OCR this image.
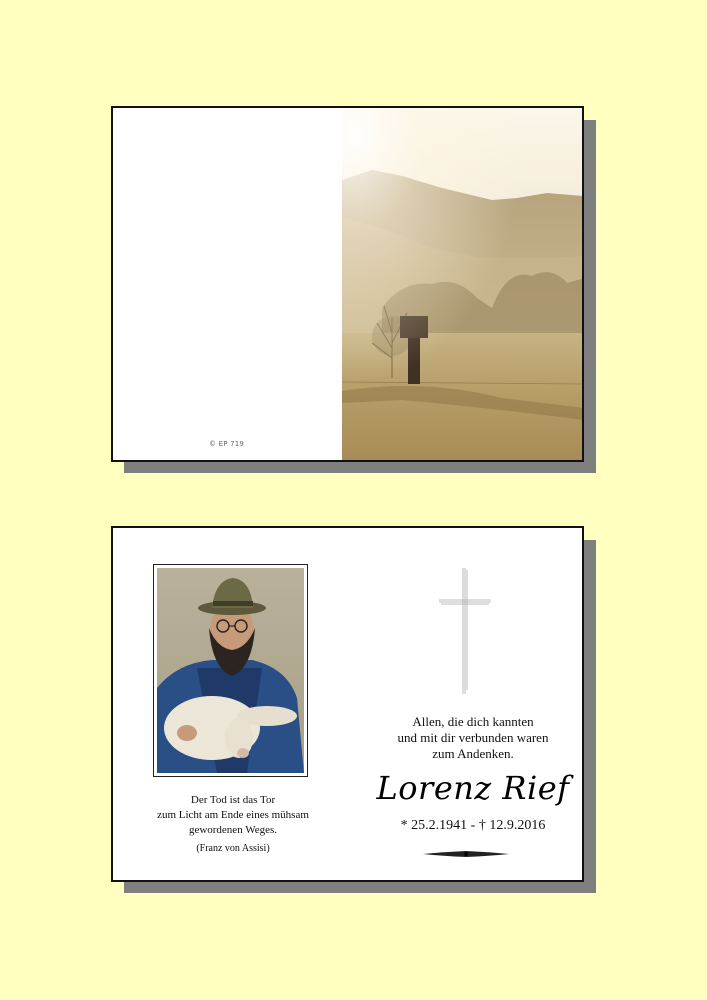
© EP 719
Der Tod ist das Tor
zum Licht am Ende eines mühsam
gewordenen Weges.
(Franz von Assisi)
Allen, die dich kannten
und mit dir verbunden waren
zum Andenken.
Lorenz Rief
* 25.2.1941 - † 12.9.2016
